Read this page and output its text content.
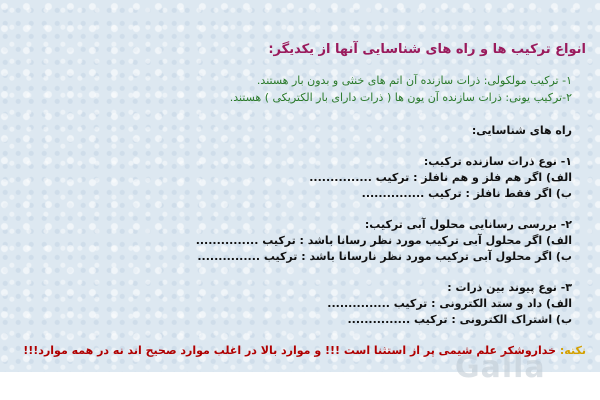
انواع ترکیب ها و راه های شناسایی آنها از یکدیگر:
۱- ترکیب مولکولی: ذرات سازنده آن اتم های خنثی و بدون بار هستند.
۲-ترکیب یونی: ذرات سازنده آن یون ها ( ذرات دارای بار الکتریکی ) هستند.
راه های شناسایی:
۱- نوع ذرات سازنده ترکیب:
الف) اگر هم فلز و هم نافلز : ترکیب ...............
ب) اگر فقط نافلز : ترکیب ...............
۲- بررسی رسانایی محلول آبی ترکیب:
الف) اگر محلول آبی ترکیب مورد نظر رسانا باشد : ترکیب ...............
ب) اگر محلول آبی ترکیب مورد نظر نارسانا باشد : ترکیب ...............
۳- نوع پیوند بین ذرات :
الف) داد و ستد الکترونی : ترکیب ...............
ب) اشتراک الکترونی : ترکیب ...............
نکته: خداروشکر علم شیمی پر از استثنا است !!! و موارد بالا در اغلب موارد صحیح اند نه در همه موارد!!!
Galla
